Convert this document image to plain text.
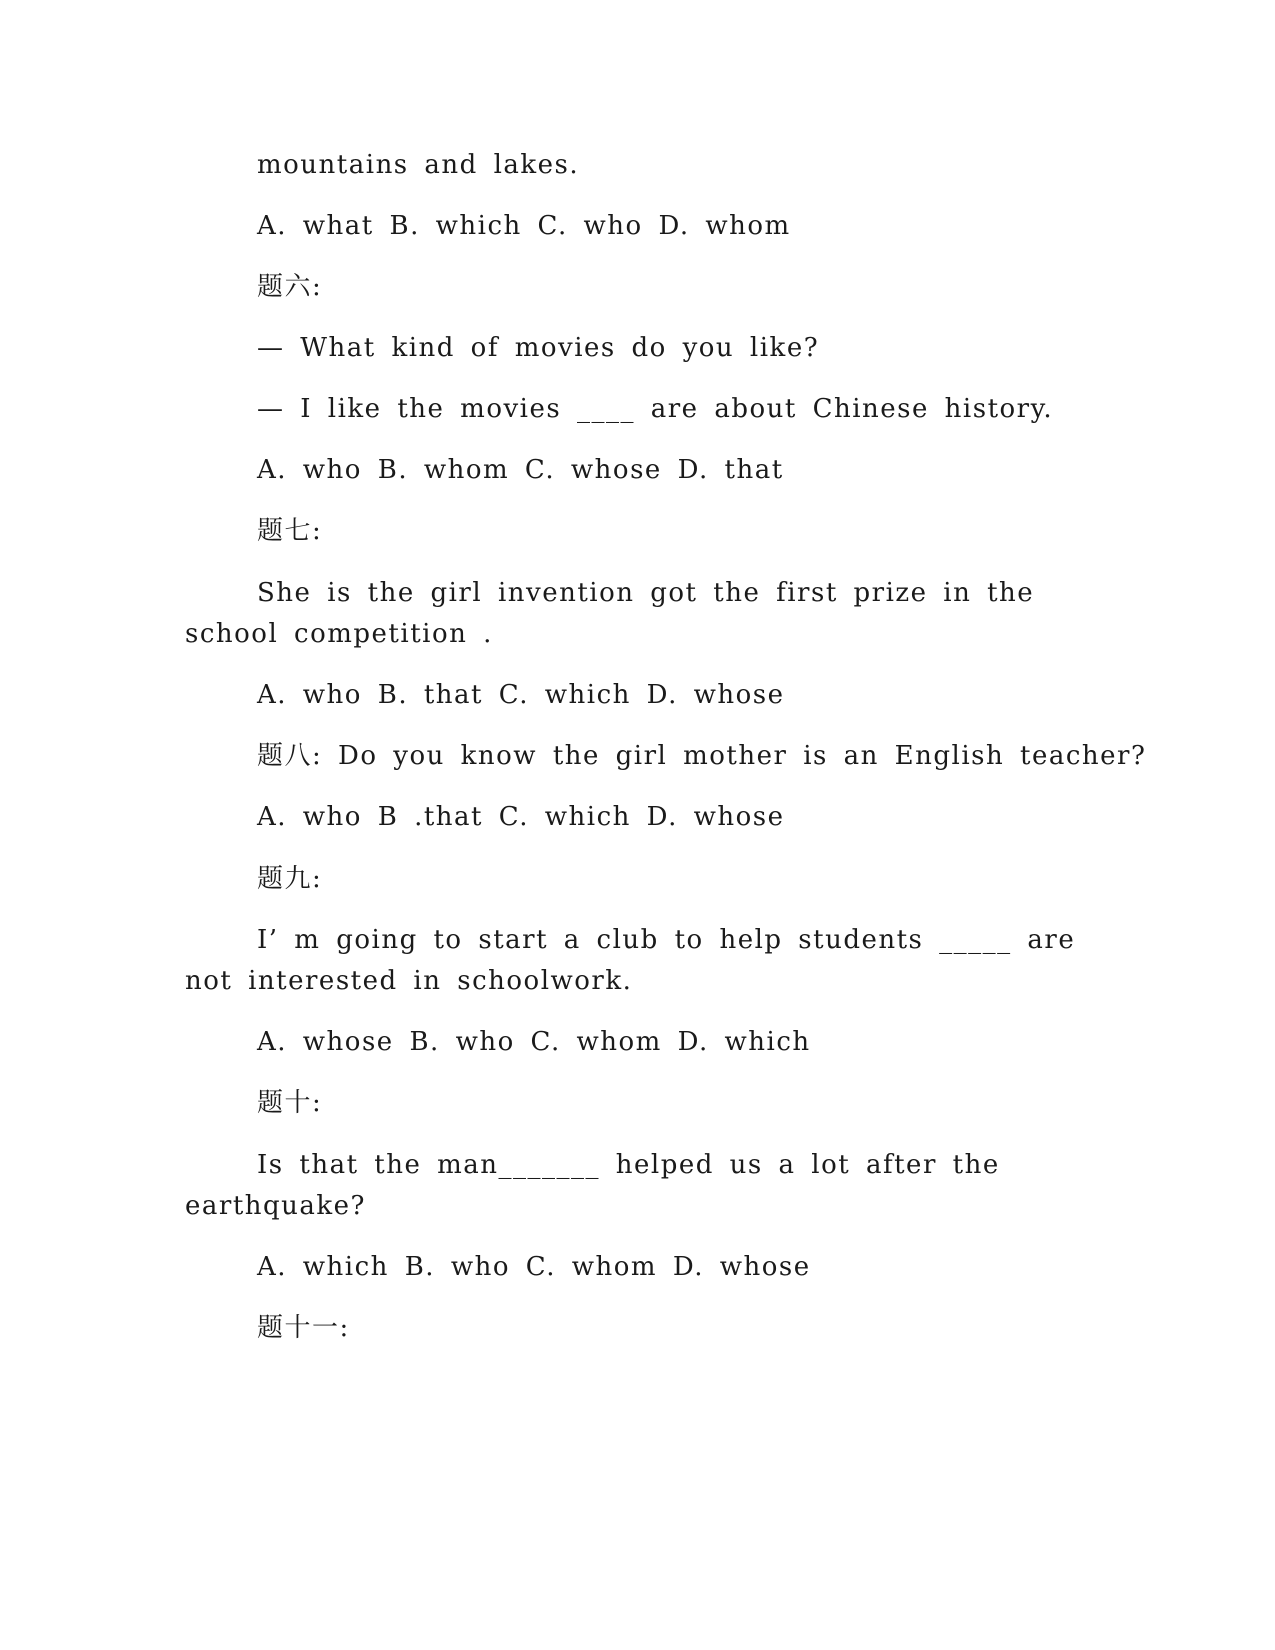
mountains and lakes.

A. what B. which C. who D. whom

题六:

— What kind of movies do you like?

— I like the movies ____ are about Chinese history.

A. who B. whom C. whose D. that

题七:

She is the girl invention got the first prize in the

school competition .

A. who B. that C. which D. whose

题八: Do you know the girl mother is an English teacher?

A. who B .that C. which D. whose

题九:

I’ m going to start a club to help students _____ are

not interested in schoolwork.

A. whose B. who C. whom D. which

题十:

Is that the man_______ helped us a lot after the

earthquake?

A. which B. who C. whom D. whose

题十一:
